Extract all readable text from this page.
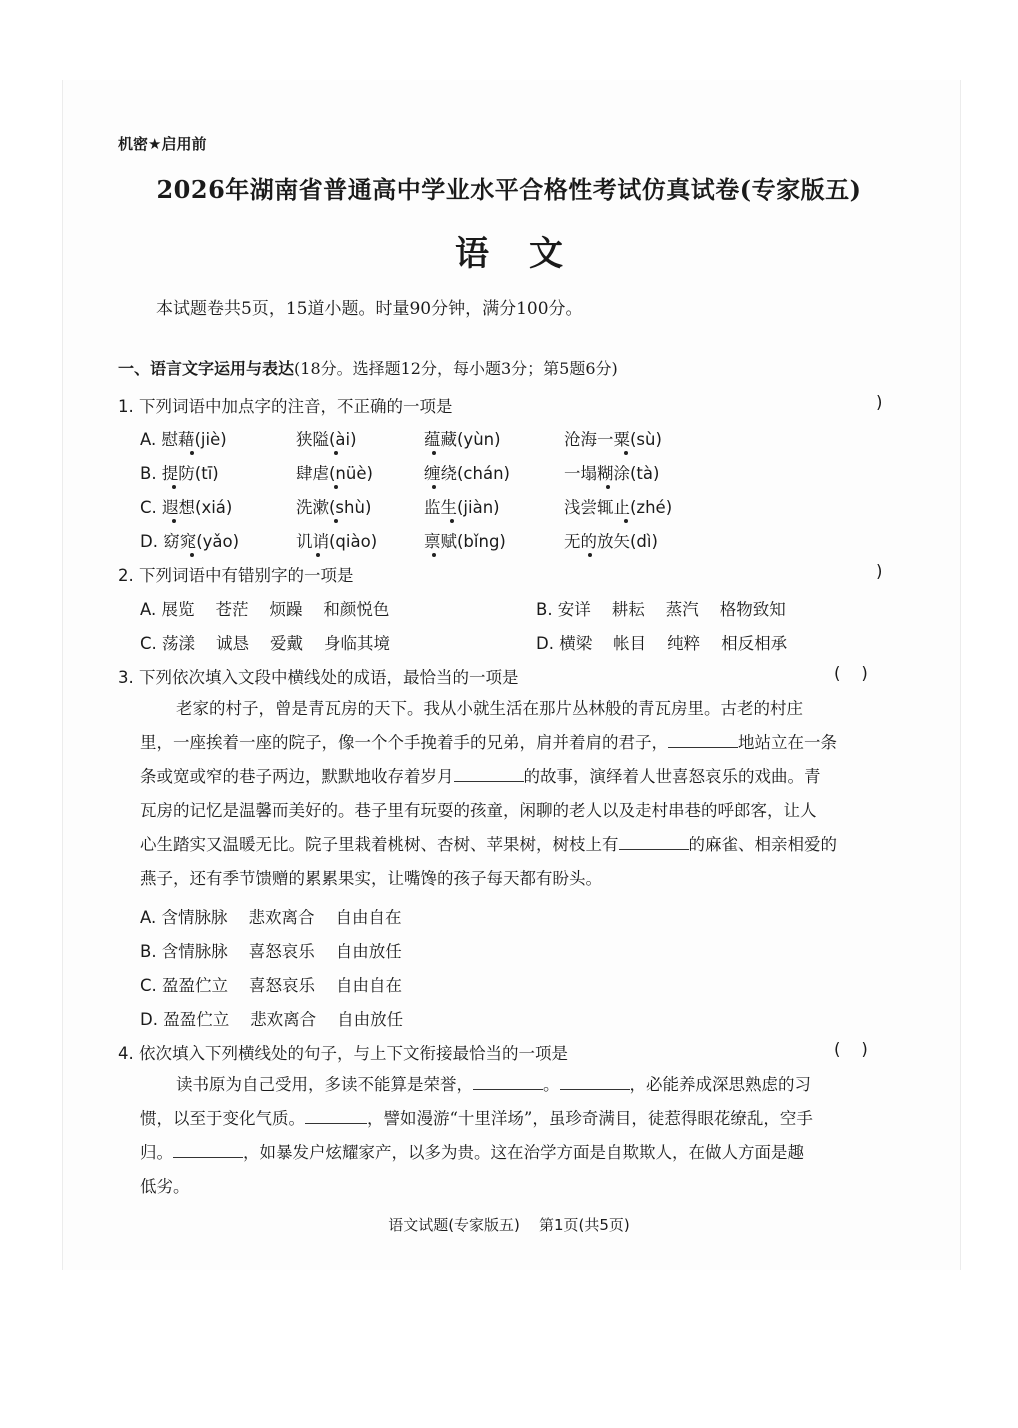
机密★启用前
2026年湖南省普通高中学业水平合格性考试仿真试卷(专家版五)
语文
本试题卷共5页，15道小题。时量90分钟，满分100分。
一、语言文字运用与表达(18分。选择题12分，每小题3分；第5题6分)
1. 下列词语中加点字的注音，不正确的一项是	)
A. 慰藉(jiè)	狭隘(ài)	蕴藏(yùn)	沧海一粟(sù)
B. 提防(tī)	肆虐(nüè)	缠绕(chán)	一塌糊涂(tà)
C. 遐想(xiá)	洗漱(shù)	监生(jiàn)	浅尝辄止(zhé)
D. 窈窕(yǎo)	讥诮(qiào)	禀赋(bǐng)	无的放矢(dì)
2. 下列词语中有错别字的一项是	)
A. 展览    苍茫    烦躁    和颜悦色	B. 安详    耕耘    蒸汽    格物致知
C. 荡漾    诚恳    爱戴    身临其境	D. 横梁    帐目    纯粹    相反相承
3. 下列依次填入文段中横线处的成语，最恰当的一项是	(    )
老家的村子，曾是青瓦房的天下。我从小就生活在那片丛林般的青瓦房里。古老的村庄
里，一座挨着一座的院子，像一个个手挽着手的兄弟，肩并着肩的君子，	地站立在一条
条或宽或窄的巷子两边，默默地收存着岁月	的故事，演绎着人世喜怒哀乐的戏曲。青
瓦房的记忆是温馨而美好的。巷子里有玩耍的孩童，闲聊的老人以及走村串巷的呼郎客，让人
心生踏实又温暖无比。院子里栽着桃树、杏树、苹果树，树枝上有	的麻雀、相亲相爱的
燕子，还有季节馈赠的累累果实，让嘴馋的孩子每天都有盼头。
A. 含情脉脉    悲欢离合    自由自在
B. 含情脉脉    喜怒哀乐    自由放任
C. 盈盈伫立    喜怒哀乐    自由自在
D. 盈盈伫立    悲欢离合    自由放任
4. 依次填入下列横线处的句子，与上下文衔接最恰当的一项是	(    )
读书原为自己受用，多读不能算是荣誉，	。	，必能养成深思熟虑的习
惯，以至于变化气质。	，譬如漫游“十里洋场”，虽珍奇满目，徒惹得眼花缭乱，空手
归。	，如暴发户炫耀家产，以多为贵。这在治学方面是自欺欺人，在做人方面是趣
低劣。
语文试题(专家版五)    第1页(共5页)
